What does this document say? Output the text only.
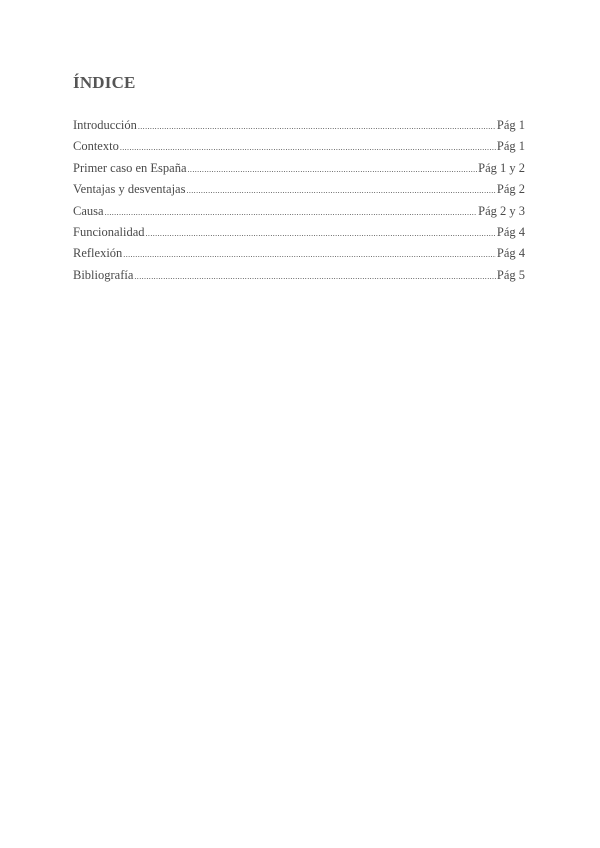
ÍNDICE
Introducción .....	Pág 1
Contexto .....	Pág 1
Primer caso en España .....	Pág 1 y 2
Ventajas y desventajas .....	Pág 2
Causa .....	Pág 2 y 3
Funcionalidad .....	Pág 4
Reflexión .....	Pág 4
Bibliografía .....	Pág 5
